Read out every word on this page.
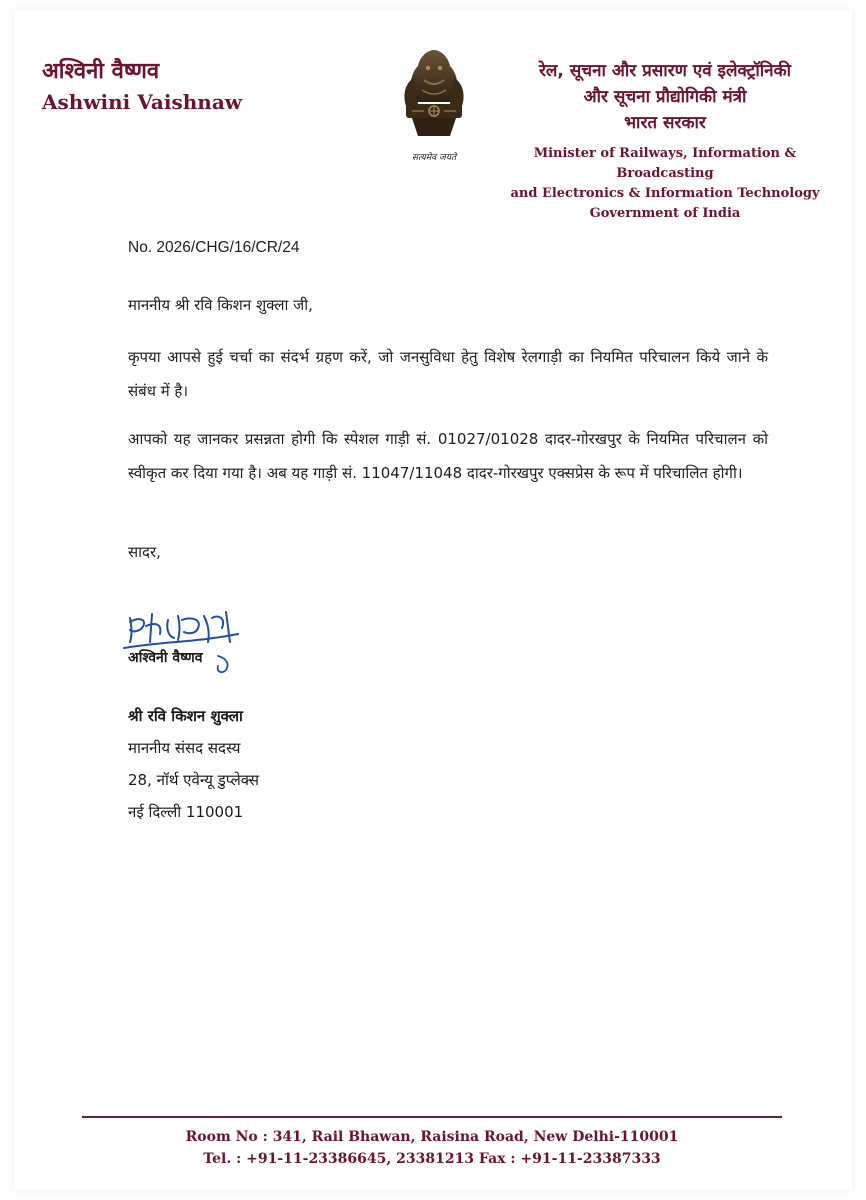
अश्विनी वैष्णव
Ashwini Vaishnaw
सत्यमेव जयते
रेल, सूचना और प्रसारण एवं इलेक्ट्रॉनिकी
और सूचना प्रौद्योगिकी मंत्री
भारत सरकार
Minister of Railways, Information & Broadcasting
and Electronics & Information Technology
Government of India
No. 2026/CHG/16/CR/24
माननीय श्री रवि किशन शुक्ला जी,
कृपया आपसे हुई चर्चा का संदर्भ ग्रहण करें, जो जनसुविधा हेतु विशेष रेलगाड़ी का नियमित परिचालन किये जाने के संबंध में है।
आपको यह जानकर प्रसन्नता होगी कि स्पेशल गाड़ी सं. 01027/01028 दादर-गोरखपुर के नियमित परिचालन को स्वीकृत कर दिया गया है। अब यह गाड़ी सं. 11047/11048 दादर-गोरखपुर एक्सप्रेस के रूप में परिचालित होगी।
सादर,
अश्विनी वैष्णव
श्री रवि किशन शुक्ला
माननीय संसद सदस्य
28, नॉर्थ एवेन्यू डुप्लेक्स
नई दिल्ली 110001
Room No : 341, Rail Bhawan, Raisina Road, New Delhi-110001
Tel. : +91-11-23386645, 23381213 Fax : +91-11-23387333
